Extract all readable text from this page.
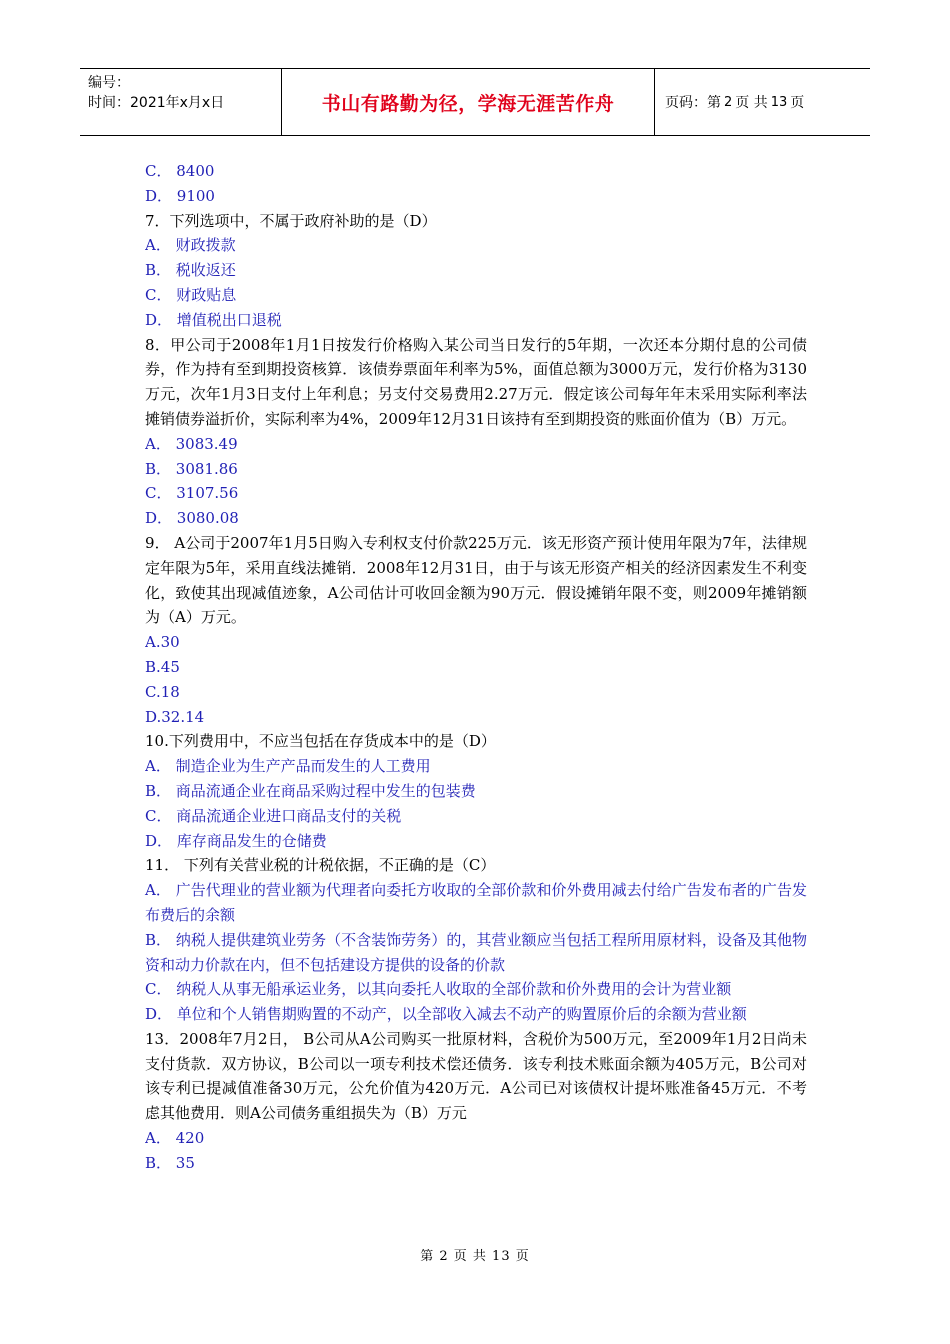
编号：
时间：2021年x月x日	书山有路勤为径，学海无涯苦作舟	页码：第 2 页 共 13 页
C． 8400
D． 9100
7．下列选项中，不属于政府补助的是（D）
A． 财政拨款
B． 税收返还
C． 财政贴息
D． 增值税出口退税
8．甲公司于2008年1月1日按发行价格购入某公司当日发行的5年期，一次还本分期付息的公司债券，作为持有至到期投资核算．该债券票面年利率为5%，面值总额为3000万元，发行价格为3130万元，次年1月3日支付上年利息；另支付交易费用2.27万元．假定该公司每年年末采用实际利率法摊销债券溢折价，实际利率为4%，2009年12月31日该持有至到期投资的账面价值为（B）万元。
A． 3083.49
B． 3081.86
C． 3107.56
D． 3080.08
9． A公司于2007年1月5日购入专利权支付价款225万元．该无形资产预计使用年限为7年，法律规定年限为5年，采用直线法摊销．2008年12月31日，由于与该无形资产相关的经济因素发生不利变化，致使其出现减值迹象，A公司估计可收回金额为90万元．假设摊销年限不变，则2009年摊销额为（A）万元。
A.30
B.45
C.18
D.32.14
10.下列费用中，不应当包括在存货成本中的是（D）
A． 制造企业为生产产品而发生的人工费用
B． 商品流通企业在商品采购过程中发生的包装费
C． 商品流通企业进口商品支付的关税
D． 库存商品发生的仓储费
11． 下列有关营业税的计税依据，不正确的是（C）
A． 广告代理业的营业额为代理者向委托方收取的全部价款和价外费用减去付给广告发布者的广告发布费后的余额
B． 纳税人提供建筑业劳务（不含装饰劳务）的，其营业额应当包括工程所用原材料，设备及其他物资和动力价款在内，但不包括建设方提供的设备的价款
C． 纳税人从事无船承运业务，以其向委托人收取的全部价款和价外费用的会计为营业额
D． 单位和个人销售期购置的不动产，以全部收入减去不动产的购置原价后的余额为营业额
13．2008年7月2日， B公司从A公司购买一批原材料，含税价为500万元，至2009年1月2日尚未支付货款．双方协议，B公司以一项专利技术偿还债务．该专利技术账面余额为405万元，B公司对该专利已提减值准备30万元，公允价值为420万元．A公司已对该债权计提坏账准备45万元．不考虑其他费用．则A公司债务重组损失为（B）万元
A． 420
B． 35
第 2 页 共 13 页
